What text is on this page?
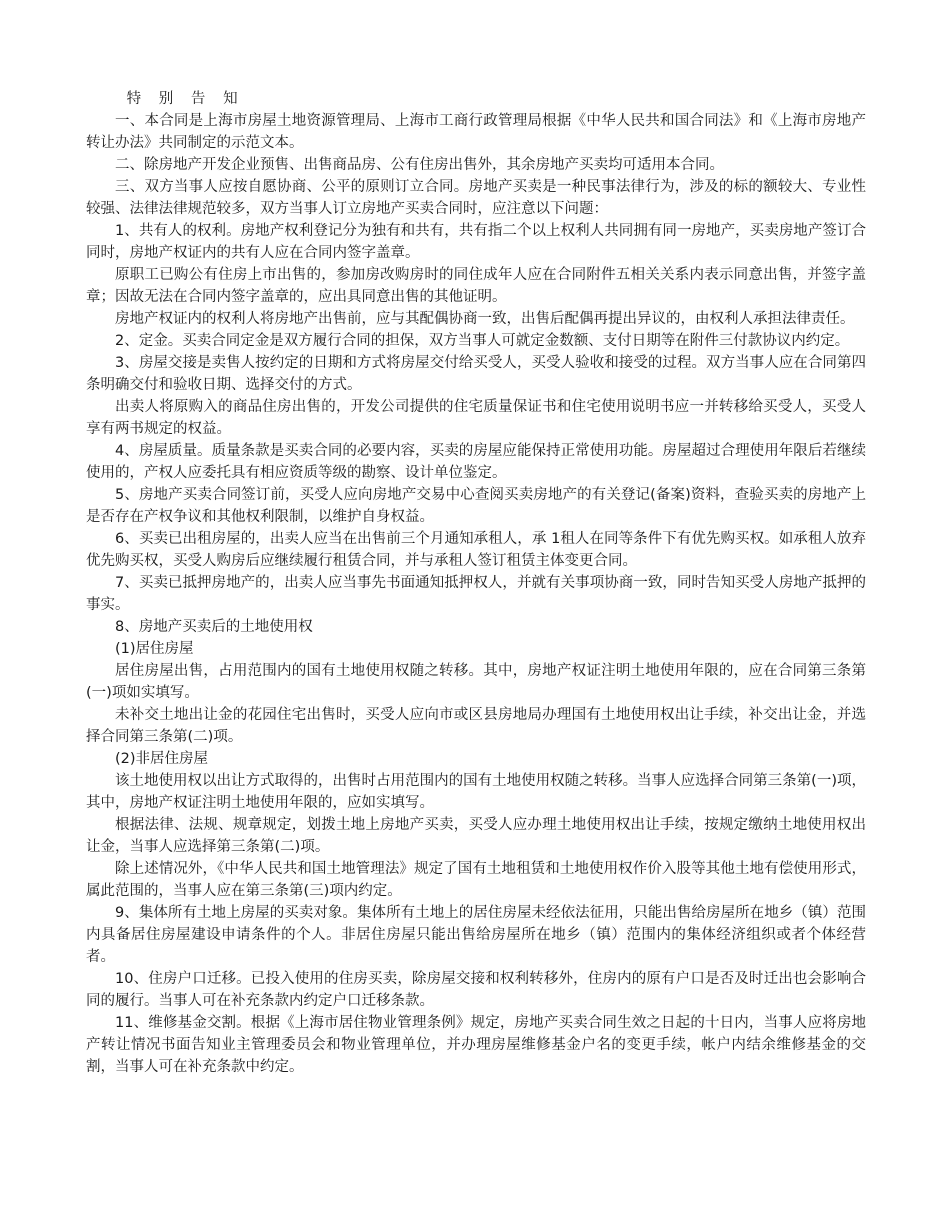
特 别 告 知

一、本合同是上海市房屋土地资源管理局、上海市工商行政管理局根据《中华人民共和国合同法》和《上海市房地产转让办法》共同制定的示范文本。

二、除房地产开发企业预售、出售商品房、公有住房出售外，其余房地产买卖均可适用本合同。

三、双方当事人应按自愿协商、公平的原则订立合同。房地产买卖是一种民事法律行为，涉及的标的额较大、专业性较强、法律法律规范较多，双方当事人订立房地产买卖合同时，应注意以下问题：

1、共有人的权利。房地产权利登记分为独有和共有，共有指二个以上权利人共同拥有同一房地产，买卖房地产签订合同时，房地产权证内的共有人应在合同内签字盖章。

原职工已购公有住房上市出售的，参加房改购房时的同住成年人应在合同附件五相关关系内表示同意出售，并签字盖章；因故无法在合同内签字盖章的，应出具同意出售的其他证明。

房地产权证内的权利人将房地产出售前，应与其配偶协商一致，出售后配偶再提出异议的，由权利人承担法律责任。

2、定金。买卖合同定金是双方履行合同的担保，双方当事人可就定金数额、支付日期等在附件三付款协议内约定。

3、房屋交接是卖售人按约定的日期和方式将房屋交付给买受人，买受人验收和接受的过程。双方当事人应在合同第四条明确交付和验收日期、选择交付的方式。

出卖人将原购入的商品住房出售的，开发公司提供的住宅质量保证书和住宅使用说明书应一并转移给买受人，买受人享有两书规定的权益。

4、房屋质量。质量条款是买卖合同的必要内容，买卖的房屋应能保持正常使用功能。房屋超过合理使用年限后若继续使用的，产权人应委托具有相应资质等级的勘察、设计单位鉴定。

5、房地产买卖合同签订前，买受人应向房地产交易中心查阅买卖房地产的有关登记(备案)资料，查验买卖的房地产上是否存在产权争议和其他权利限制，以维护自身权益。

6、买卖已出租房屋的，出卖人应当在出售前三个月通知承租人，承 1租人在同等条件下有优先购买权。如承租人放弃优先购买权，买受人购房后应继续履行租赁合同，并与承租人签订租赁主体变更合同。

7、买卖已抵押房地产的，出卖人应当事先书面通知抵押权人，并就有关事项协商一致，同时告知买受人房地产抵押的事实。

8、房地产买卖后的土地使用权

(1)居住房屋

居住房屋出售，占用范围内的国有土地使用权随之转移。其中，房地产权证注明土地使用年限的，应在合同第三条第(一)项如实填写。

未补交土地出让金的花园住宅出售时，买受人应向市或区县房地局办理国有土地使用权出让手续，补交出让金，并选择合同第三条第(二)项。

(2)非居住房屋

该土地使用权以出让方式取得的，出售时占用范围内的国有土地使用权随之转移。当事人应选择合同第三条第(一)项，其中，房地产权证注明土地使用年限的，应如实填写。

根据法律、法规、规章规定，划拨土地上房地产买卖，买受人应办理土地使用权出让手续，按规定缴纳土地使用权出让金，当事人应选择第三条第(二)项。

除上述情况外，《中华人民共和国土地管理法》规定了国有土地租赁和土地使用权作价入股等其他土地有偿使用形式，属此范围的，当事人应在第三条第(三)项内约定。

9、集体所有土地上房屋的买卖对象。集体所有土地上的居住房屋未经依法征用，只能出售给房屋所在地乡（镇）范围内具备居住房屋建设申请条件的个人。非居住房屋只能出售给房屋所在地乡（镇）范围内的集体经济组织或者个体经营者。

10、住房户口迁移。已投入使用的住房买卖，除房屋交接和权利转移外，住房内的原有户口是否及时迁出也会影响合同的履行。当事人可在补充条款内约定户口迁移条款。

11、维修基金交割。根据《上海市居住物业管理条例》规定，房地产买卖合同生效之日起的十日内，当事人应将房地产转让情况书面告知业主管理委员会和物业管理单位，并办理房屋维修基金户名的变更手续，帐户内结余维修基金的交割，当事人可在补充条款中约定。
